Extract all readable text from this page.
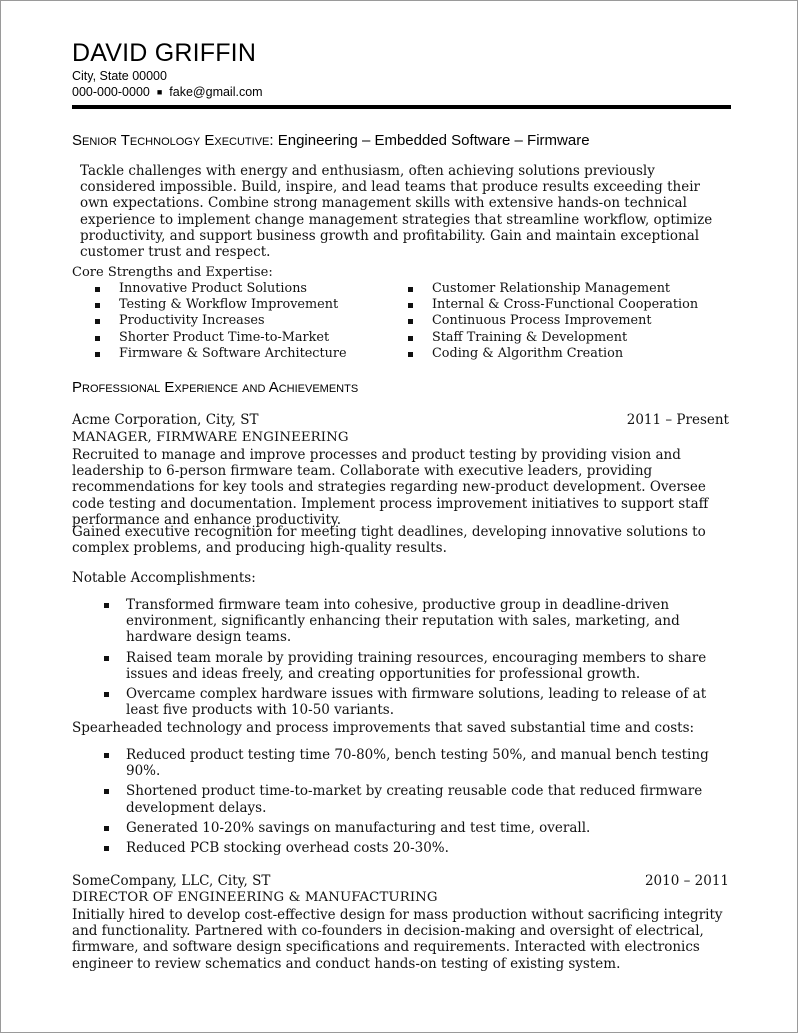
DAVID GRIFFIN
City, State 00000
000-000-0000 ■ fake@gmail.com
Senior Technology Executive: Engineering – Embedded Software – Firmware
Tackle challenges with energy and enthusiasm, often achieving solutions previously considered impossible. Build, inspire, and lead teams that produce results exceeding their own expectations. Combine strong management skills with extensive hands-on technical experience to implement change management strategies that streamline workflow, optimize productivity, and support business growth and profitability. Gain and maintain exceptional customer trust and respect.
Core Strengths and Expertise:
Innovative Product Solutions
Testing & Workflow Improvement
Productivity Increases
Shorter Product Time-to-Market
Firmware & Software Architecture
Customer Relationship Management
Internal & Cross-Functional Cooperation
Continuous Process Improvement
Staff Training & Development
Coding & Algorithm Creation
Professional Experience and Achievements
Acme Corporation, City, ST	2011 – Present
MANAGER, FIRMWARE ENGINEERING
Recruited to manage and improve processes and product testing by providing vision and leadership to 6-person firmware team. Collaborate with executive leaders, providing recommendations for key tools and strategies regarding new-product development. Oversee code testing and documentation. Implement process improvement initiatives to support staff performance and enhance productivity.
Gained executive recognition for meeting tight deadlines, developing innovative solutions to complex problems, and producing high-quality results.
Notable Accomplishments:
Transformed firmware team into cohesive, productive group in deadline-driven environment, significantly enhancing their reputation with sales, marketing, and hardware design teams.
Raised team morale by providing training resources, encouraging members to share issues and ideas freely, and creating opportunities for professional growth.
Overcame complex hardware issues with firmware solutions, leading to release of at least five products with 10-50 variants.
Spearheaded technology and process improvements that saved substantial time and costs:
Reduced product testing time 70-80%, bench testing 50%, and manual bench testing 90%.
Shortened product time-to-market by creating reusable code that reduced firmware development delays.
Generated 10-20% savings on manufacturing and test time, overall.
Reduced PCB stocking overhead costs 20-30%.
SomeCompany, LLC, City, ST	2010 – 2011
DIRECTOR OF ENGINEERING & MANUFACTURING
Initially hired to develop cost-effective design for mass production without sacrificing integrity and functionality. Partnered with co-founders in decision-making and oversight of electrical, firmware, and software design specifications and requirements. Interacted with electronics engineer to review schematics and conduct hands-on testing of existing system.
